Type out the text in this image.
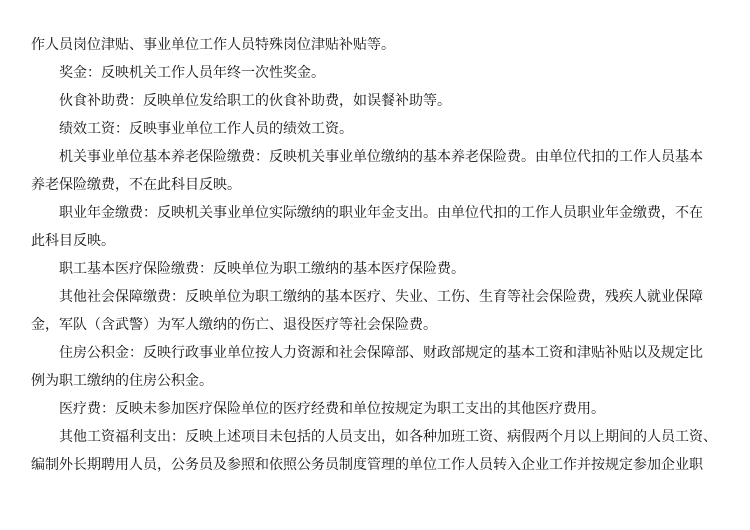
作人员岗位津贴、事业单位工作人员特殊岗位津贴补贴等。

奖金：反映机关工作人员年终一次性奖金。

伙食补助费：反映单位发给职工的伙食补助费，如误餐补助等。

绩效工资：反映事业单位工作人员的绩效工资。

机关事业单位基本养老保险缴费：反映机关事业单位缴纳的基本养老保险费。由单位代扣的工作人员基本

养老保险缴费，不在此科目反映。

职业年金缴费：反映机关事业单位实际缴纳的职业年金支出。由单位代扣的工作人员职业年金缴费，不在

此科目反映。

职工基本医疗保险缴费：反映单位为职工缴纳的基本医疗保险费。

其他社会保障缴费：反映单位为职工缴纳的基本医疗、失业、工伤、生育等社会保险费，残疾人就业保障

金，军队（含武警）为军人缴纳的伤亡、退役医疗等社会保险费。

住房公积金：反映行政事业单位按人力资源和社会保障部、财政部规定的基本工资和津贴补贴以及规定比

例为职工缴纳的住房公积金。

医疗费：反映未参加医疗保险单位的医疗经费和单位按规定为职工支出的其他医疗费用。

其他工资福利支出：反映上述项目未包括的人员支出，如各种加班工资、病假两个月以上期间的人员工资、

编制外长期聘用人员，公务员及参照和依照公务员制度管理的单位工作人员转入企业工作并按规定参加企业职
